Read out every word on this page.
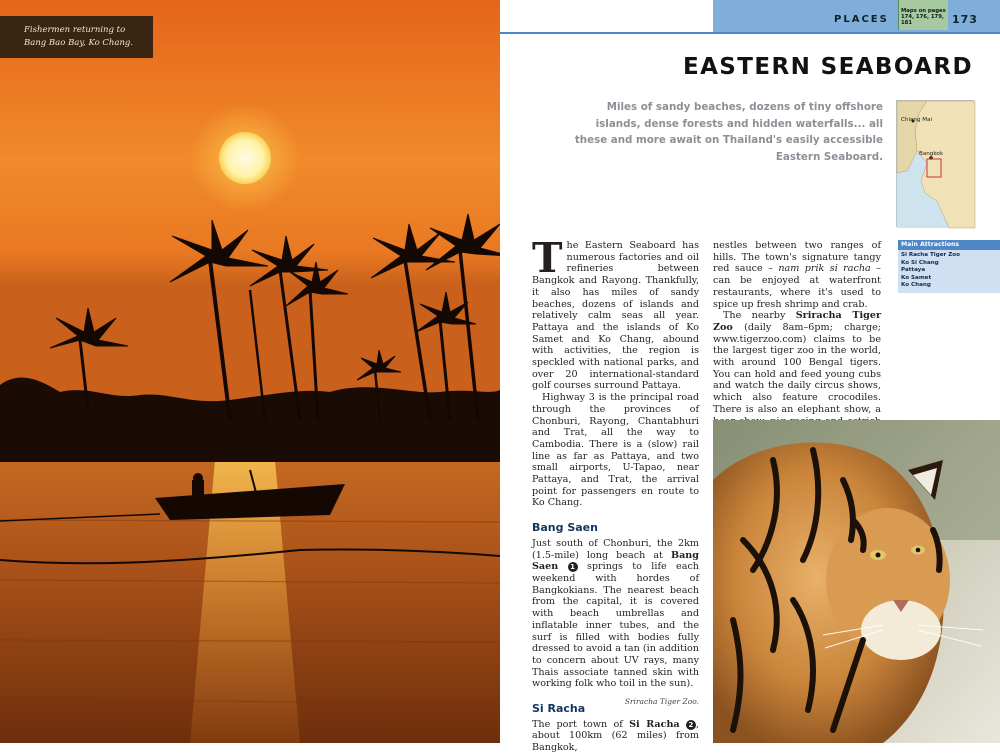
Fishermen returning to Bang Bao Bay, Ko Chang.
PLACES
Maps on pages 174, 176, 179, 181	173
EASTERN SEABOARD
Miles of sandy beaches, dozens of tiny offshore islands, dense forests and hidden waterfalls... all these and more await on Thailand's easily accessible Eastern Seaboard.
Chiang Mai
Bangkok
Main Attractions
Si Racha Tiger Zoo
Ko Si Chang
Pattaya
Ko Samet
Ko Chang

The Eastern Seaboard has numerous factories and oil refineries between Bangkok and Rayong. Thankfully, it also has miles of sandy beaches, dozens of islands and relatively calm seas all year. Pattaya and the islands of Ko Samet and Ko Chang, abound with activities, the region is speckled with national parks, and over 20 international-standard golf courses surround Pattaya.

Highway 3 is the principal road through the provinces of Chonburi, Rayong, Chantabhuri and Trat, all the way to Cambodia. There is a (slow) rail line as far as Pattaya, and two small airports, U-Tapao, near Pattaya, and Trat, the arrival point for passengers en route to Ko Chang.

Bang Saen

Just south of Chonburi, the 2km (1.5-mile) long beach at Bang Saen 1 springs to life each weekend with hordes of Bangkokians. The nearest beach from the capital, it is covered with beach umbrellas and inflatable inner tubes, and the surf is filled with bodies fully dressed to avoid a tan (in addition to concern about UV rays, many Thais associate tanned skin with working folk who toil in the sun).

Si Racha

The port town of Si Racha 2 , about 100km (62 miles) from Bangkok,

Sriracha Tiger Zoo.

nestles between two ranges of hills. The town's signature tangy red sauce – nam prik si racha – can be enjoyed at waterfront restaurants, where it's used to spice up fresh shrimp and crab.

The nearby Sriracha Tiger Zoo (daily 8am–6pm; charge; www.tigerzoo.com) claims to be the largest tiger zoo in the world, with around 100 Bengal tigers. You can hold and feed young cubs and watch the daily circus shows, which also feature crocodiles. There is also an elephant show, a
